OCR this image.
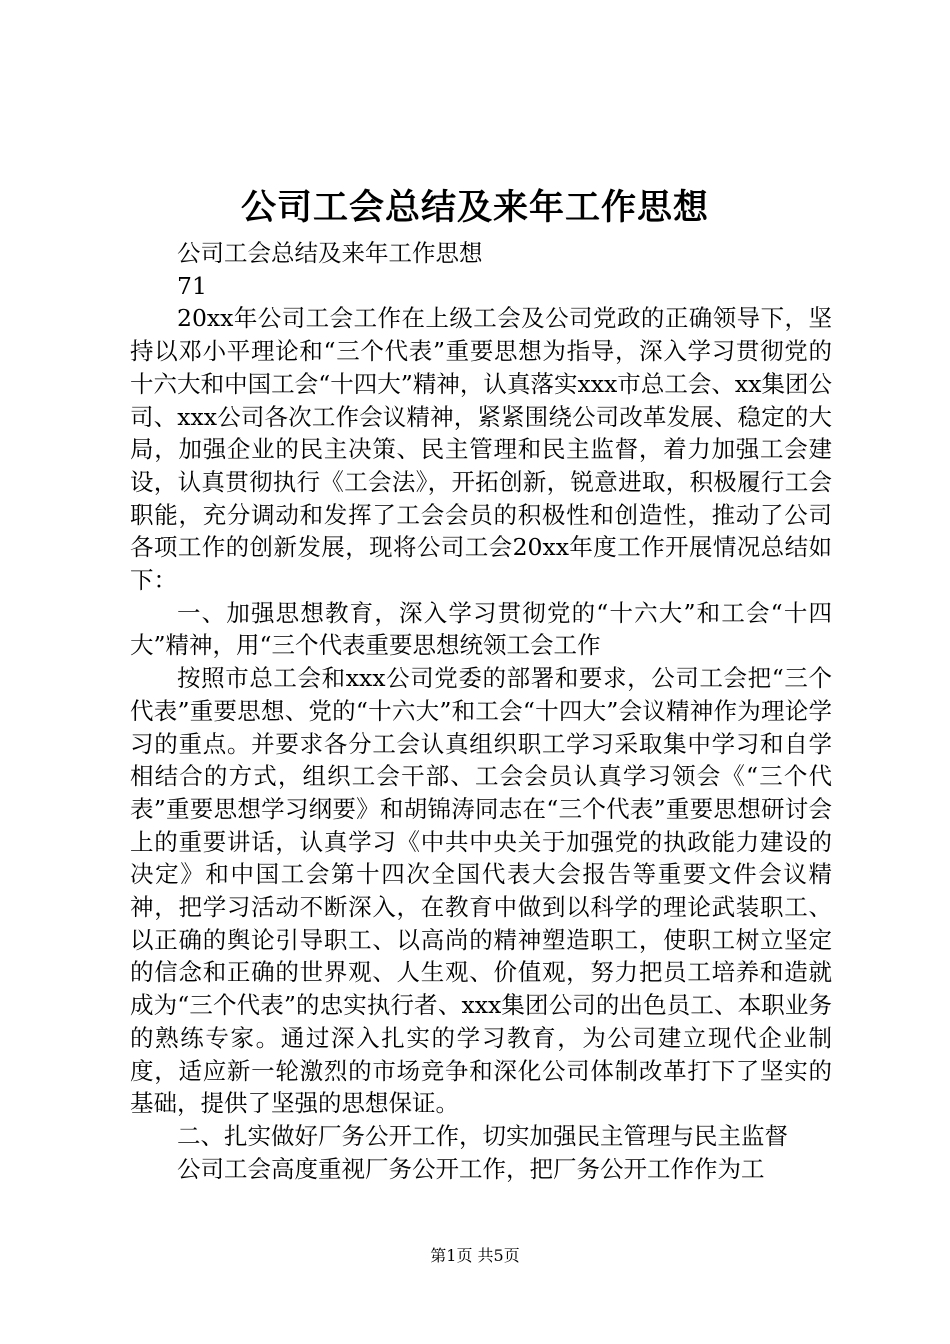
公司工会总结及来年工作思想

公司工会总结及来年工作思想

71

20xx年公司工会工作在上级工会及公司党政的正确领导下，坚持以邓小平理论和“三个代表”重要思想为指导，深入学习贯彻党的十六大和中国工会“十四大”精神，认真落实xxx市总工会、xx集团公司、xxx公司各次工作会议精神，紧紧围绕公司改革发展、稳定的大局，加强企业的民主决策、民主管理和民主监督，着力加强工会建设，认真贯彻执行《工会法》，开拓创新，锐意进取，积极履行工会职能，充分调动和发挥了工会会员的积极性和创造性，推动了公司各项工作的创新发展，现将公司工会20xx年度工作开展情况总结如下：

一、加强思想教育，深入学习贯彻党的“十六大”和工会“十四大”精神，用“三个代表重要思想统领工会工作

按照市总工会和xxx公司党委的部署和要求，公司工会把“三个代表”重要思想、党的“十六大”和工会“十四大”会议精神作为理论学习的重点。并要求各分工会认真组织职工学习采取集中学习和自学相结合的方式，组织工会干部、工会会员认真学习领会《“三个代表”重要思想学习纲要》和胡锦涛同志在“三个代表”重要思想研讨会上的重要讲话，认真学习《中共中央关于加强党的执政能力建设的决定》和中国工会第十四次全国代表大会报告等重要文件会议精神，把学习活动不断深入，在教育中做到以科学的理论武装职工、以正确的舆论引导职工、以高尚的精神塑造职工，使职工树立坚定的信念和正确的世界观、人生观、价值观，努力把员工培养和造就成为“三个代表”的忠实执行者、xxx集团公司的出色员工、本职业务的熟练专家。通过深入扎实的学习教育，为公司建立现代企业制度，适应新一轮激烈的市场竞争和深化公司体制改革打下了坚实的基础，提供了坚强的思想保证。

二、扎实做好厂务公开工作，切实加强民主管理与民主监督

公司工会高度重视厂务公开工作，把厂务公开工作作为工

第1页 共5页
